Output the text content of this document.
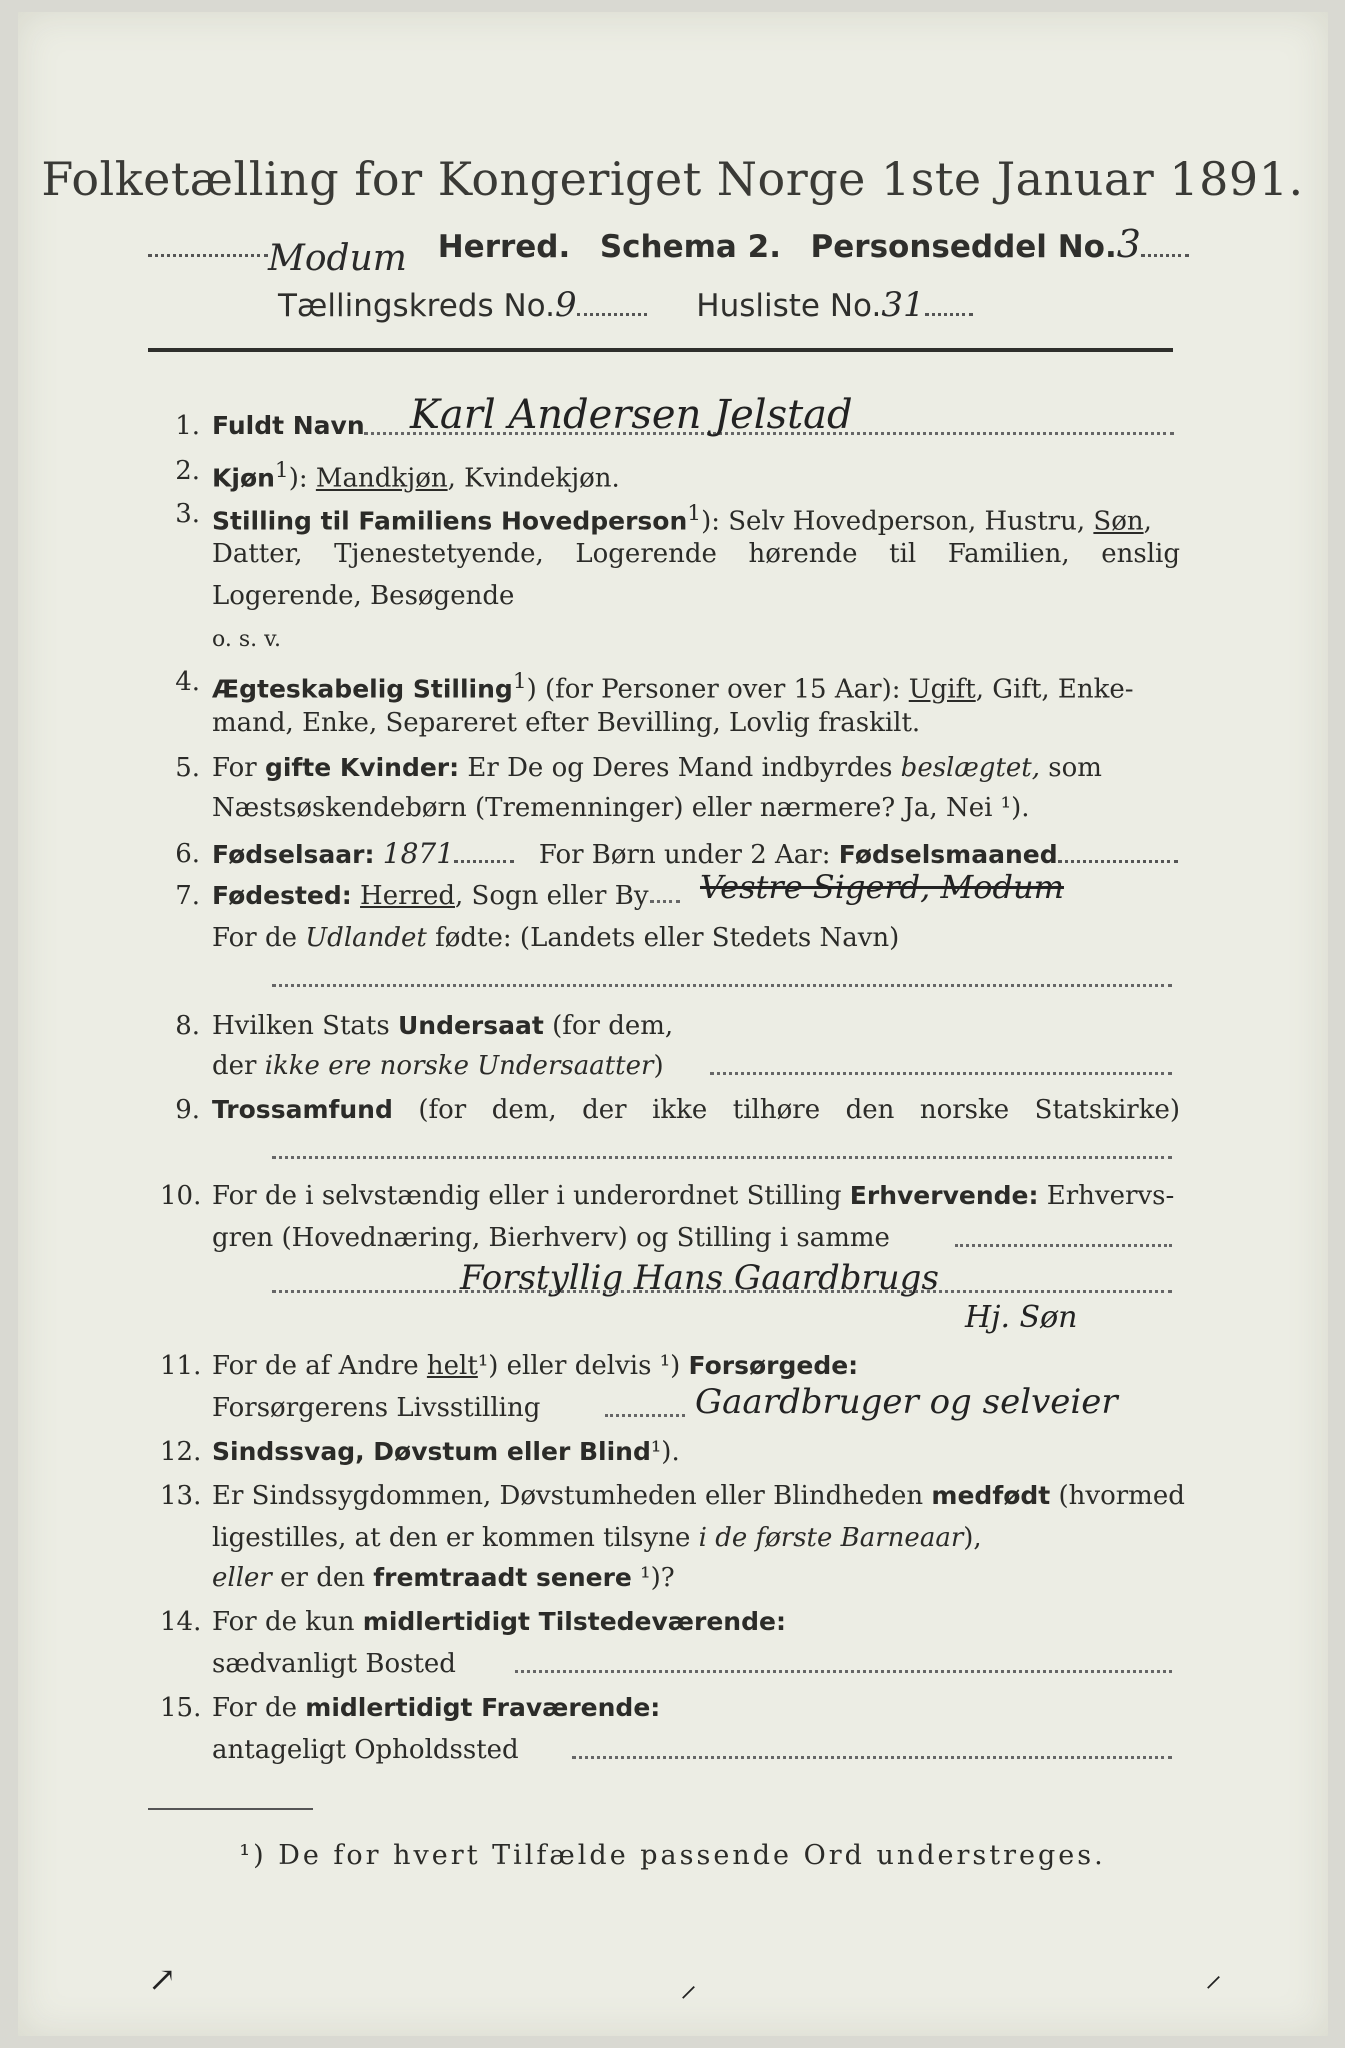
Folketælling for Kongeriget Norge 1ste Januar 1891.
Modum Herred. Schema 2. Personseddel No.3
Tællingskreds No.9	Husliste No.31
1. Fuldt Navn	Karl Andersen Jelstad
2. Kjøn$^1$): Mandkjøn, Kvindekjøn.
3. Stilling til Familiens Hovedperson$^1$): Selv Hovedperson, Hustru, Søn,
Datter, Tjenestetyende, Logerende hørende til Familien, enslig
Logerende, Besøgende
o. s. v.
4. Ægteskabelig Stilling$^1$) (for Personer over 15 Aar): Ugift, Gift, Enke-
mand, Enke, Separeret efter Bevilling, Lovlig fraskilt.
5. For gifte Kvinder: Er De og Deres Mand indbyrdes beslægtet, som
Næstsøskendebørn (Tremenninger) eller nærmere? Ja, Nei ¹).
6. Fødselsaar: 1871	For Børn under 2 Aar: Fødselsmaaned
7. Fødested: Herred, Sogn eller By	Vestre Sigerd, Modum
For de Udlandet fødte: (Landets eller Stedets Navn)
8. Hvilken Stats Undersaat (for dem,
der ikke ere norske Undersaatter)
9. Trossamfund (for dem, der ikke tilhøre den norske Statskirke)
10. For de i selvstændig eller i underordnet Stilling Erhvervende: Erhvervs-
gren (Hovednæring, Bierhverv) og Stilling i samme
Forstyllig Hans Gaardbrugs
Hj. Søn
11. For de af Andre helt¹) eller delvis ¹) Forsørgede:
Forsørgerens Livsstilling	Gaardbruger og selveier
12. Sindssvag, Døvstum eller Blind¹).
13. Er Sindssygdommen, Døvstumheden eller Blindheden medfødt (hvormed
ligestilles, at den er kommen tilsyne i de første Barneaar),
eller er den fremtraadt senere ¹)?
14. For de kun midlertidigt Tilstedeværende:
sædvanligt Bosted
15. For de midlertidigt Fraværende:
antageligt Opholdssted
¹) De for hvert Tilfælde passende Ord understreges.
↗	⸝	⸝
